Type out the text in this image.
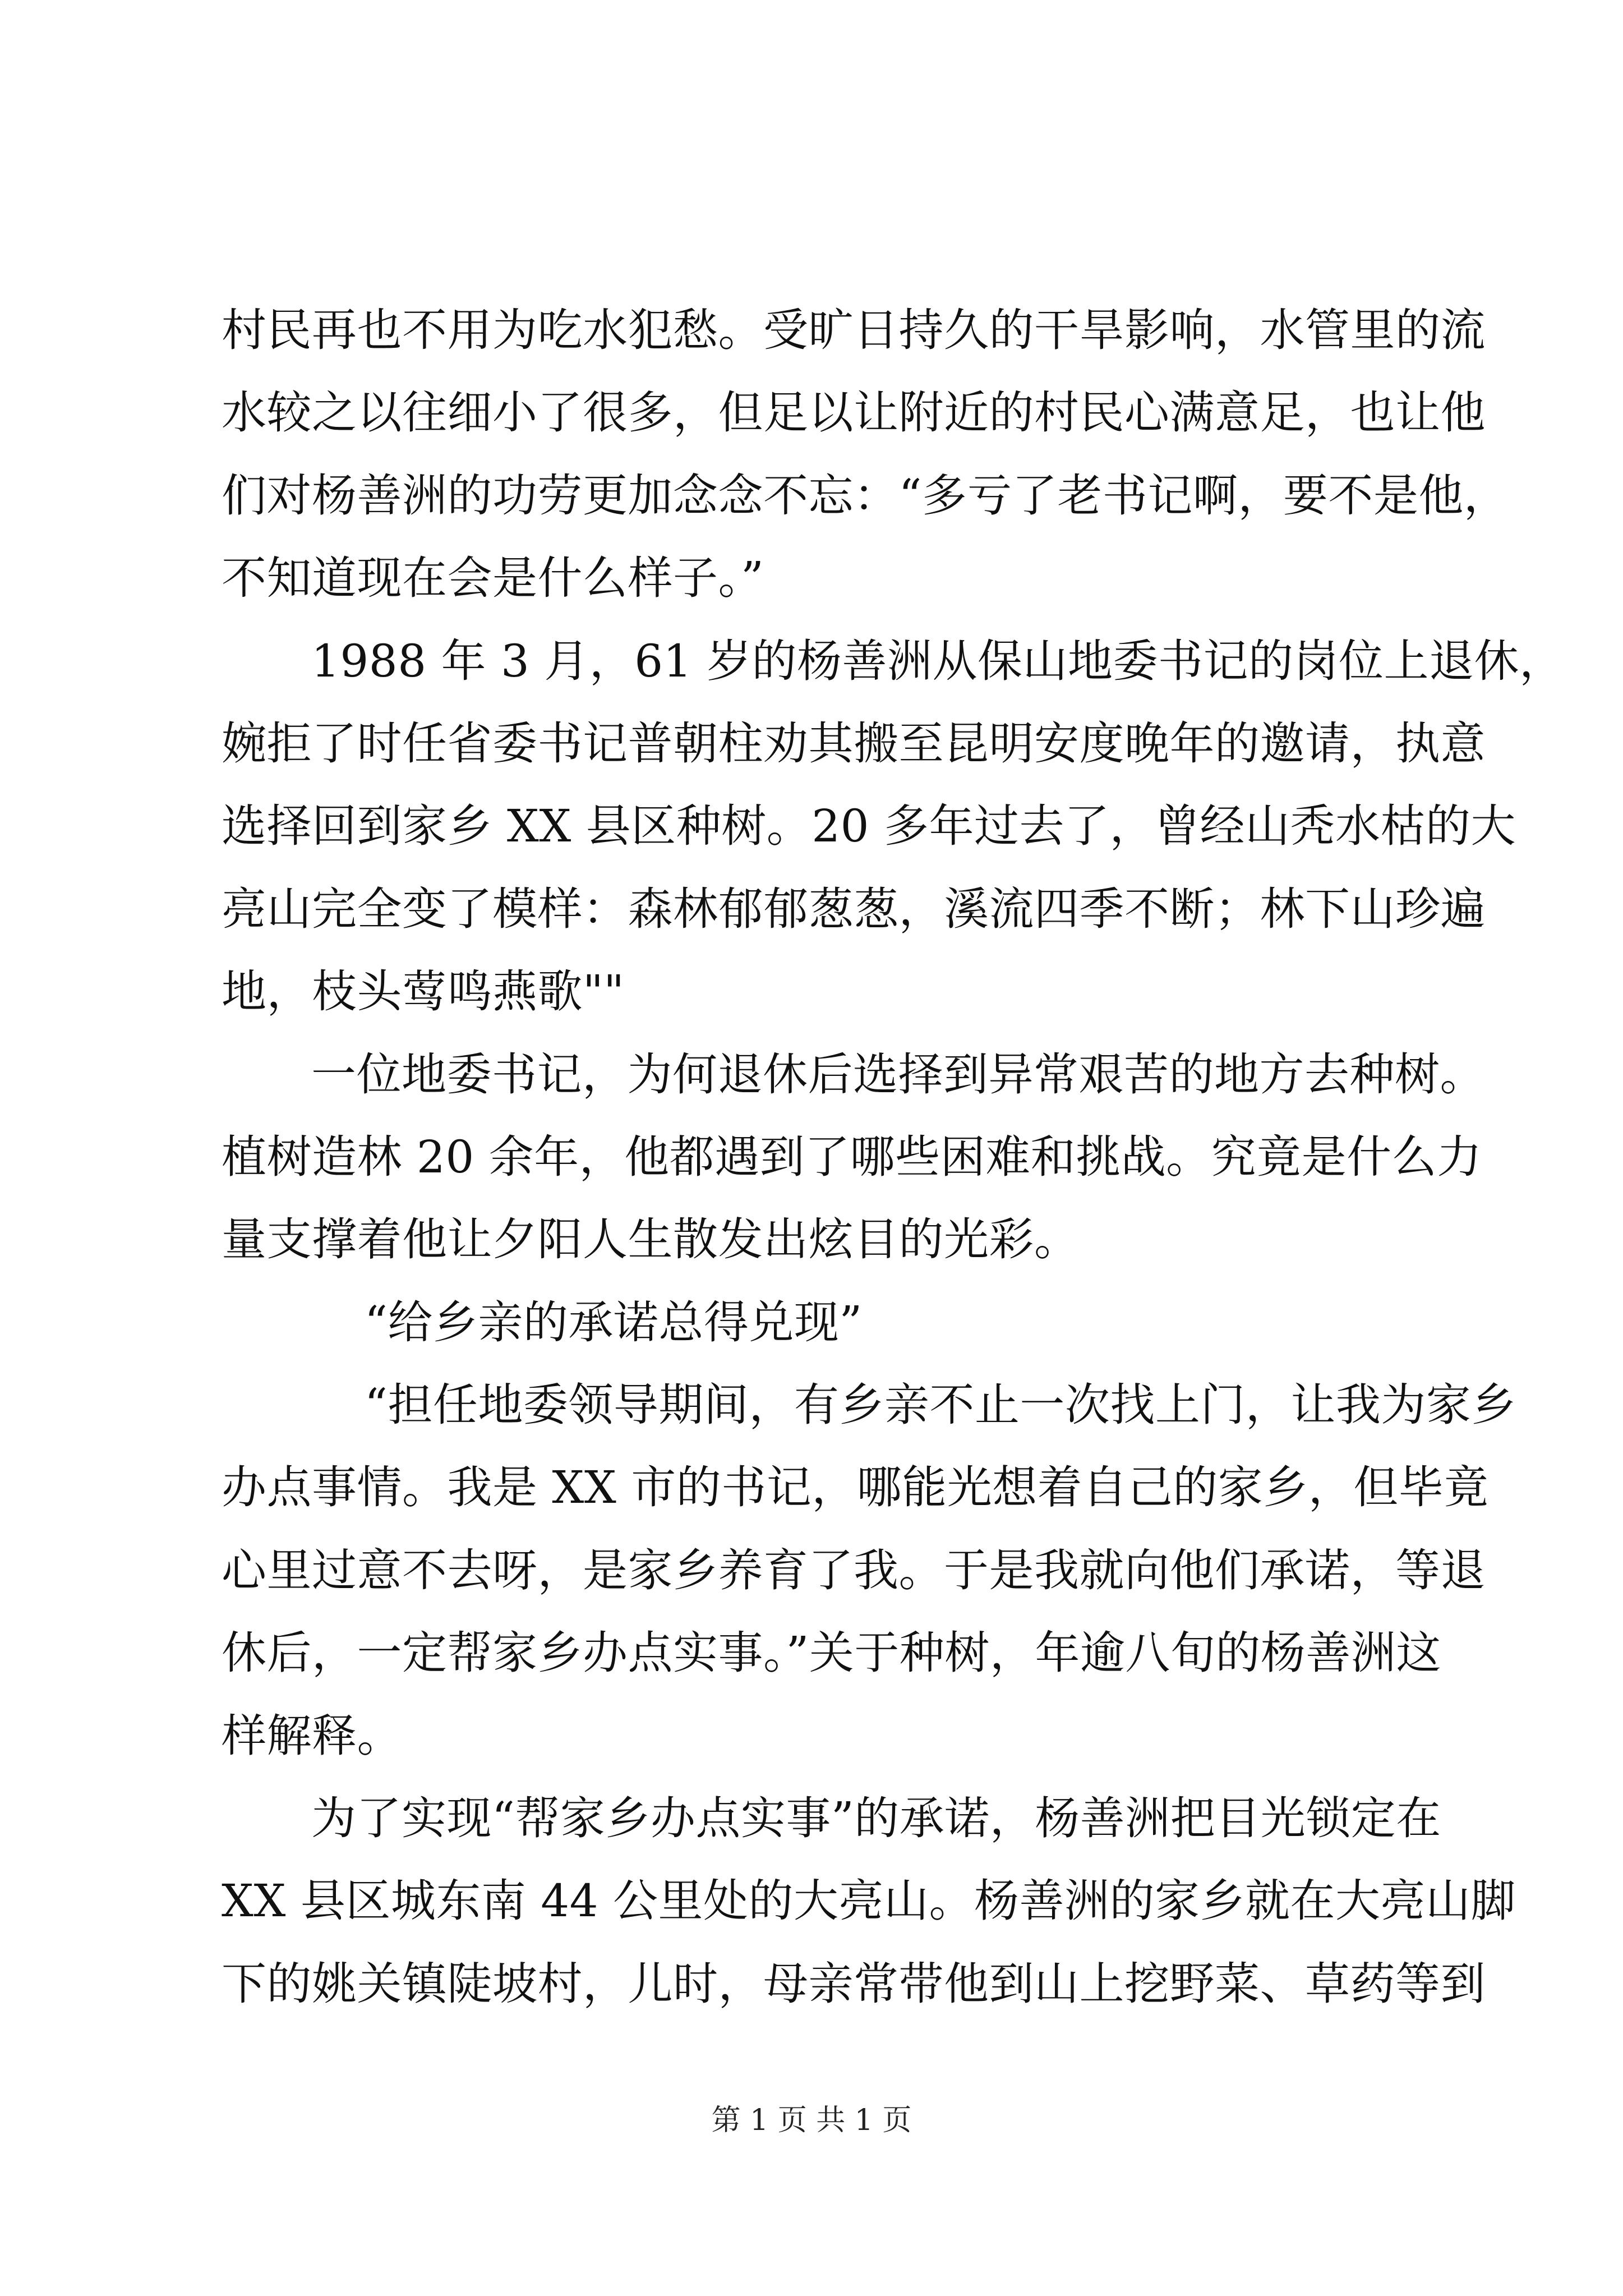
村民再也不用为吃水犯愁。受旷日持久的干旱影响，水管里的流
水较之以往细小了很多，但足以让附近的村民心满意足，也让他
们对杨善洲的功劳更加念念不忘：“多亏了老书记啊，要不是他，
不知道现在会是什么样子。”
1988 年 3 月，61 岁的杨善洲从保山地委书记的岗位上退休，
婉拒了时任省委书记普朝柱劝其搬至昆明安度晚年的邀请，执意
选择回到家乡 XX 县区种树。20 多年过去了，曾经山秃水枯的大
亮山完全变了模样：森林郁郁葱葱，溪流四季不断；林下山珍遍
地，枝头莺鸣燕歌""
一位地委书记，为何退休后选择到异常艰苦的地方去种树。
植树造林 20 余年，他都遇到了哪些困难和挑战。究竟是什么力
量支撑着他让夕阳人生散发出炫目的光彩。
“给乡亲的承诺总得兑现”
“担任地委领导期间，有乡亲不止一次找上门，让我为家乡
办点事情。我是 XX 市的书记，哪能光想着自己的家乡，但毕竟
心里过意不去呀，是家乡养育了我。于是我就向他们承诺，等退
休后，一定帮家乡办点实事。”关于种树，年逾八旬的杨善洲这
样解释。
为了实现“帮家乡办点实事”的承诺，杨善洲把目光锁定在
XX 县区城东南 44 公里处的大亮山。杨善洲的家乡就在大亮山脚
下的姚关镇陡坡村，儿时，母亲常带他到山上挖野菜、草药等到
第 1 页 共 1 页
